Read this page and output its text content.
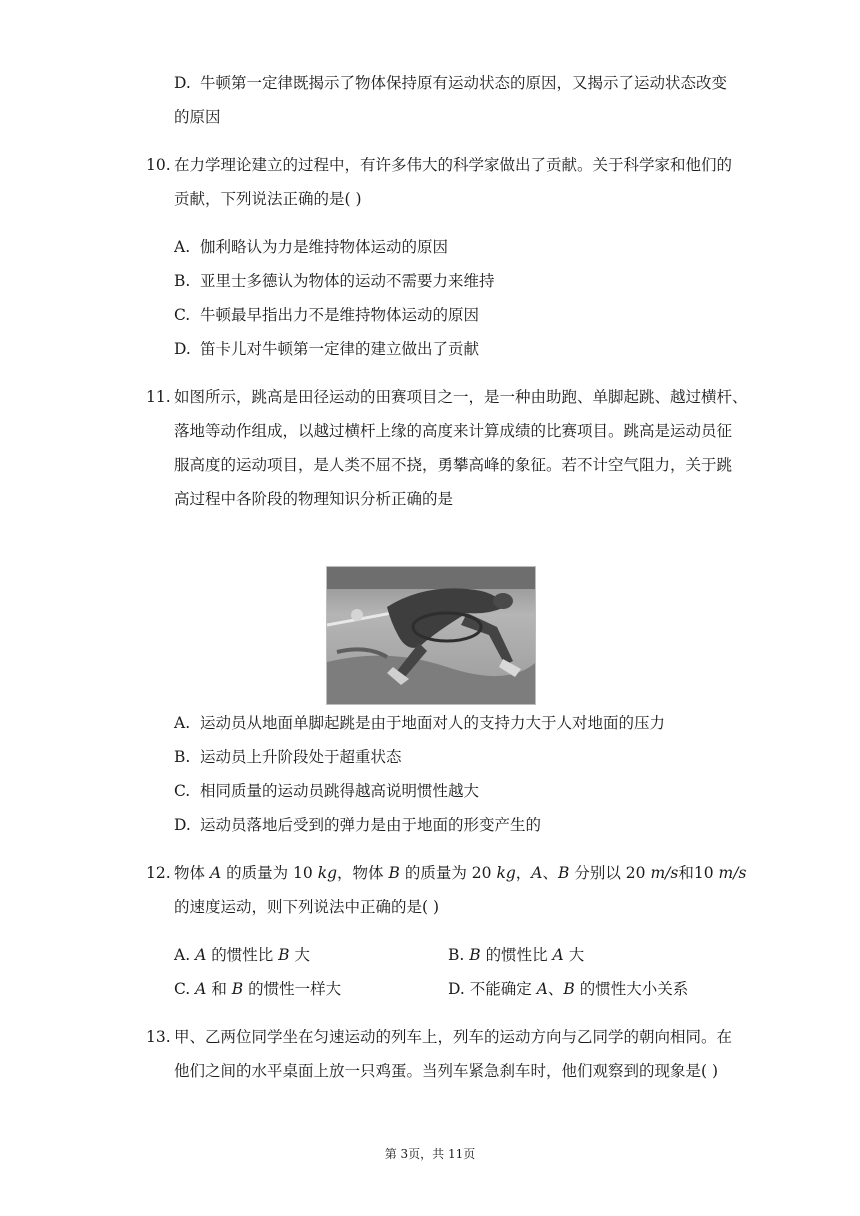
D. 牛顿第一定律既揭示了物体保持原有运动状态的原因，又揭示了运动状态改变
的原因
10. 在力学理论建立的过程中，有许多伟大的科学家做出了贡献。关于科学家和他们的
贡献，下列说法正确的是( )
A. 伽利略认为力是维持物体运动的原因
B. 亚里士多德认为物体的运动不需要力来维持
C. 牛顿最早指出力不是维持物体运动的原因
D. 笛卡儿对牛顿第一定律的建立做出了贡献
11. 如图所示，跳高是田径运动的田赛项目之一，是一种由助跑、单脚起跳、越过横杆、
落地等动作组成，以越过横杆上缘的高度来计算成绩的比赛项目。跳高是运动员征
服高度的运动项目，是人类不屈不挠，勇攀高峰的象征。若不计空气阻力，关于跳
高过程中各阶段的物理知识分析正确的是
A. 运动员从地面单脚起跳是由于地面对人的支持力大于人对地面的压力
B. 运动员上升阶段处于超重状态
C. 相同质量的运动员跳得越高说明惯性越大
D. 运动员落地后受到的弹力是由于地面的形变产生的
12. 物体 A 的质量为 10 kg，物体 B 的质量为 20 kg，A、B 分别以 20 m/s和10 m/s
的速度运动，则下列说法中正确的是( )
A. A 的惯性比 B 大	B. B 的惯性比 A 大
C. A 和 B 的惯性一样大	D. 不能确定 A、B 的惯性大小关系
13. 甲、乙两位同学坐在匀速运动的列车上，列车的运动方向与乙同学的朝向相同。在
他们之间的水平桌面上放一只鸡蛋。当列车紧急刹车时，他们观察到的现象是( )
第 3页，共 11页
